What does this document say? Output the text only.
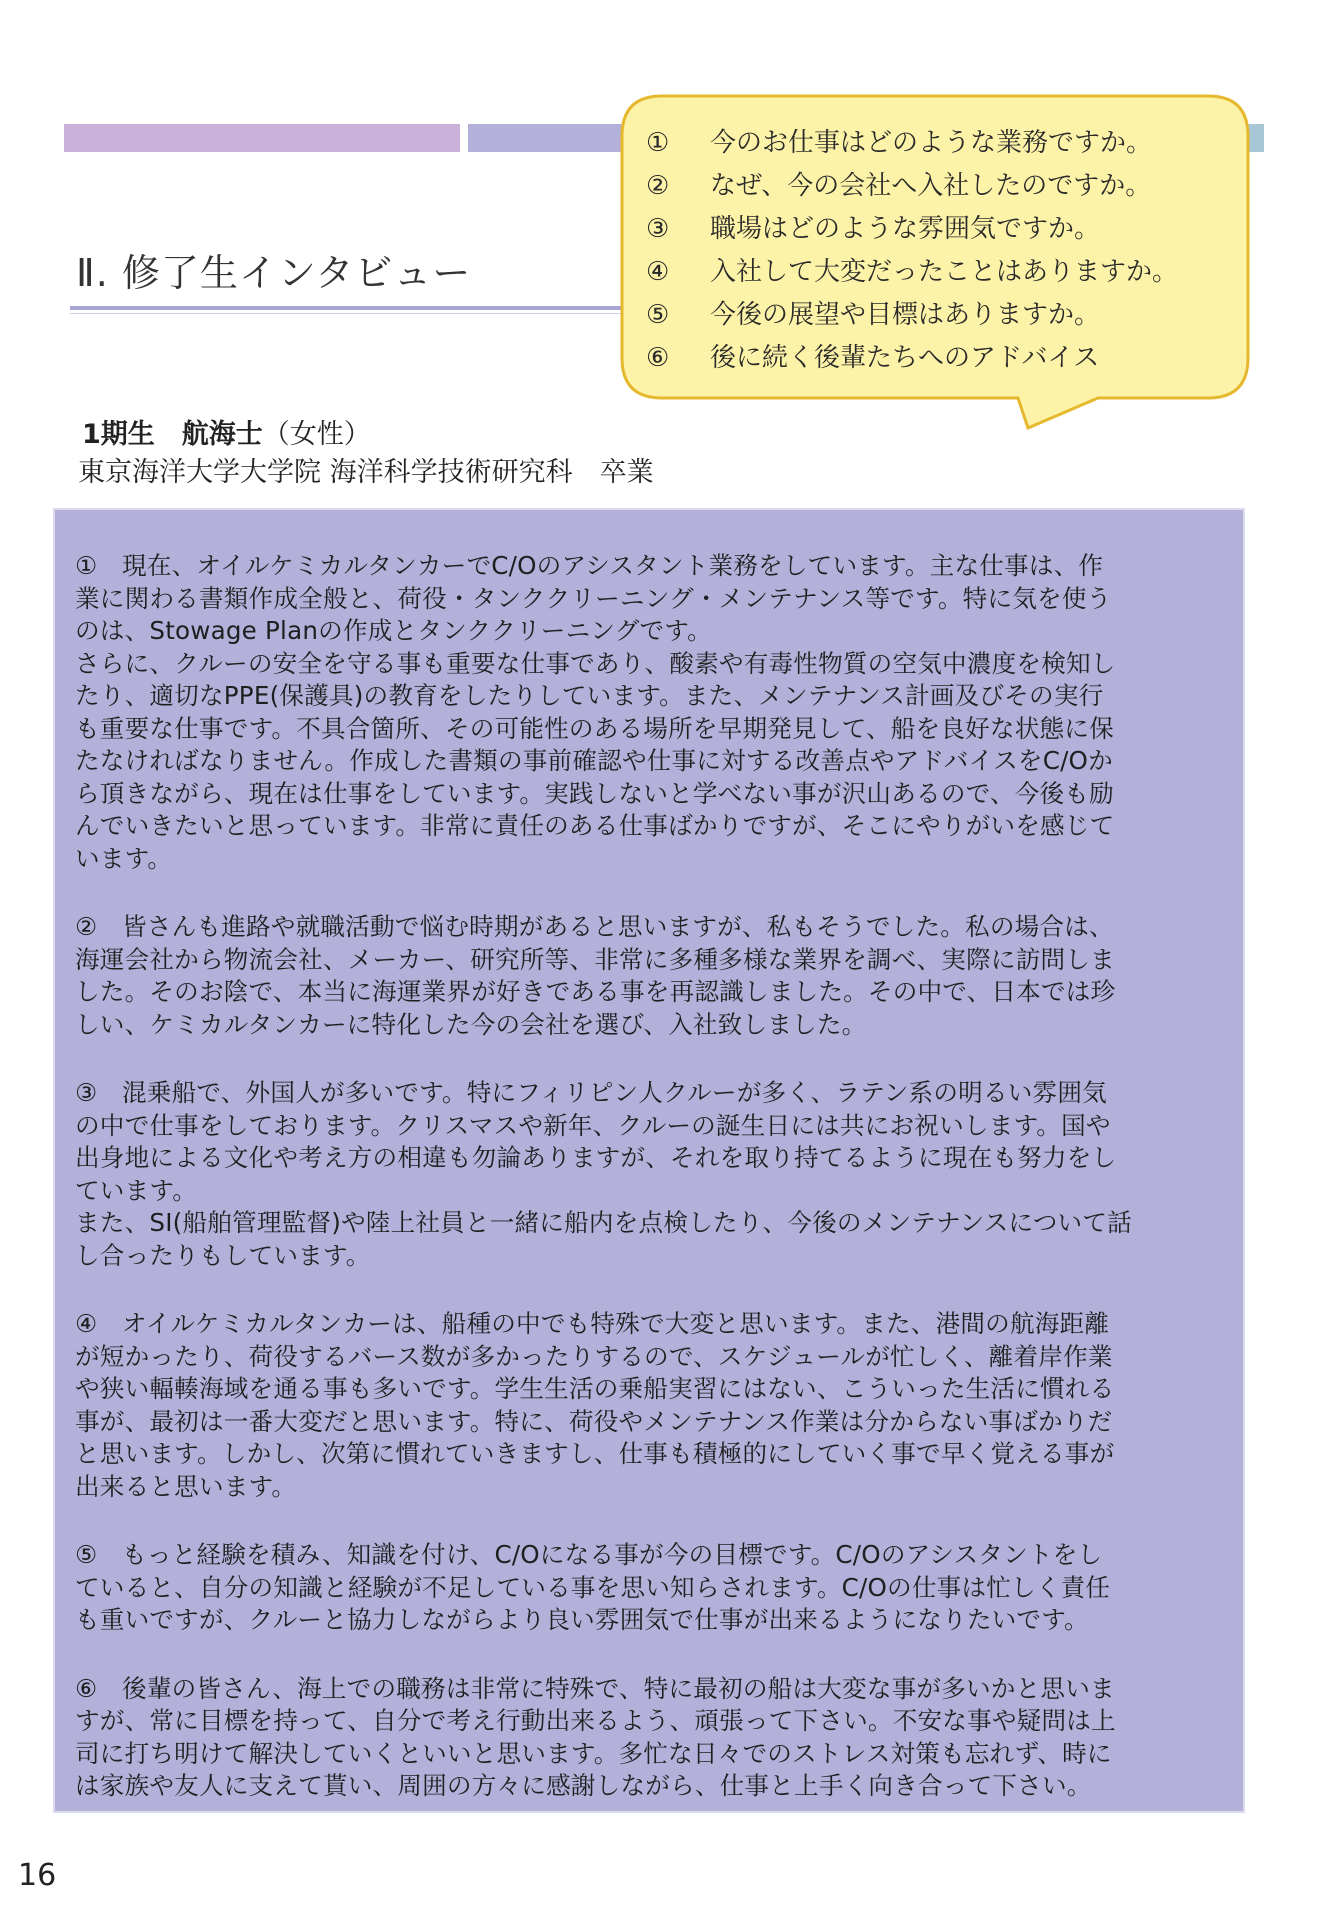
Ⅱ. 修了生インタビュー
① 今のお仕事はどのような業務ですか。
② なぜ、今の会社へ入社したのですか。
③ 職場はどのような雰囲気ですか。
④ 入社して大変だったことはありますか。
⑤ 今後の展望や目標はありますか。
⑥ 後に続く後輩たちへのアドバイス
1期生　航海士（女性）
東京海洋大学大学院 海洋科学技術研究科　卒業

①　現在、オイルケミカルタンカーでC/Oのアシスタント業務をしています。主な仕事は、作
業に関わる書類作成全般と、荷役・タンククリーニング・メンテナンス等です。特に気を使う
のは、Stowage Planの作成とタンククリーニングです。
さらに、クルーの安全を守る事も重要な仕事であり、酸素や有毒性物質の空気中濃度を検知し
たり、適切なPPE(保護具)の教育をしたりしています。また、メンテナンス計画及びその実行
も重要な仕事です。不具合箇所、その可能性のある場所を早期発見して、船を良好な状態に保
たなければなりません。作成した書類の事前確認や仕事に対する改善点やアドバイスをC/Oか
ら頂きながら、現在は仕事をしています。実践しないと学べない事が沢山あるので、今後も励
んでいきたいと思っています。非常に責任のある仕事ばかりですが、そこにやりがいを感じて
います。

②　皆さんも進路や就職活動で悩む時期があると思いますが、私もそうでした。私の場合は、
海運会社から物流会社、メーカー、研究所等、非常に多種多様な業界を調べ、実際に訪問しま
した。そのお陰で、本当に海運業界が好きである事を再認識しました。その中で、日本では珍
しい、ケミカルタンカーに特化した今の会社を選び、入社致しました。

③　混乗船で、外国人が多いです。特にフィリピン人クルーが多く、ラテン系の明るい雰囲気
の中で仕事をしております。クリスマスや新年、クルーの誕生日には共にお祝いします。国や
出身地による文化や考え方の相違も勿論ありますが、それを取り持てるように現在も努力をし
ています。
また、SI(船舶管理監督)や陸上社員と一緒に船内を点検したり、今後のメンテナンスについて話
し合ったりもしています。

④　オイルケミカルタンカーは、船種の中でも特殊で大変と思います。また、港間の航海距離
が短かったり、荷役するバース数が多かったりするので、スケジュールが忙しく、離着岸作業
や狭い輻輳海域を通る事も多いです。学生生活の乗船実習にはない、こういった生活に慣れる
事が、最初は一番大変だと思います。特に、荷役やメンテナンス作業は分からない事ばかりだ
と思います。しかし、次第に慣れていきますし、仕事も積極的にしていく事で早く覚える事が
出来ると思います。

⑤　もっと経験を積み、知識を付け、C/Oになる事が今の目標です。C/Oのアシスタントをし
ていると、自分の知識と経験が不足している事を思い知らされます。C/Oの仕事は忙しく責任
も重いですが、クルーと協力しながらより良い雰囲気で仕事が出来るようになりたいです。

⑥　後輩の皆さん、海上での職務は非常に特殊で、特に最初の船は大変な事が多いかと思いま
すが、常に目標を持って、自分で考え行動出来るよう、頑張って下さい。不安な事や疑問は上
司に打ち明けて解決していくといいと思います。多忙な日々でのストレス対策も忘れず、時に
は家族や友人に支えて貰い、周囲の方々に感謝しながら、仕事と上手く向き合って下さい。

16
